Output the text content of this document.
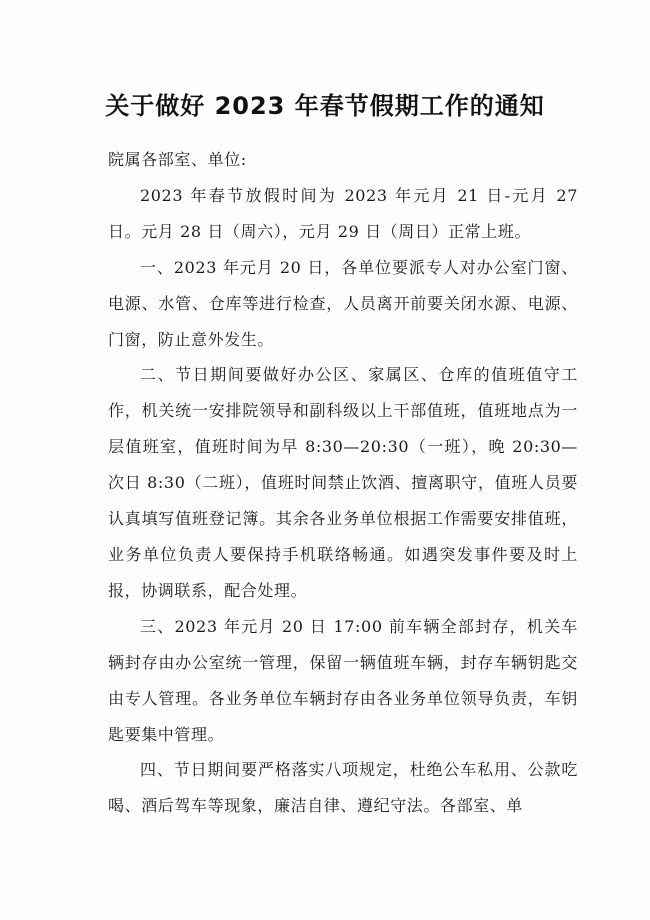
关于做好 2023 年春节假期工作的通知

院属各部室、单位:

2023 年春节放假时间为 2023 年元月 21 日-元月 27 日。元月 28 日（周六），元月 29 日（周日）正常上班。

一、2023 年元月 20 日，各单位要派专人对办公室门窗、电源、水管、仓库等进行检查，人员离开前要关闭水源、电源、门窗，防止意外发生。

二、节日期间要做好办公区、家属区、仓库的值班值守工作，机关统一安排院领导和副科级以上干部值班，值班地点为一层值班室，值班时间为早 8:30—20:30（一班），晚 20:30—次日 8:30（二班），值班时间禁止饮酒、擅离职守，值班人员要认真填写值班登记簿。其余各业务单位根据工作需要安排值班，业务单位负责人要保持手机联络畅通。如遇突发事件要及时上报，协调联系，配合处理。

三、2023 年元月 20 日 17:00 前车辆全部封存，机关车辆封存由办公室统一管理，保留一辆值班车辆，封存车辆钥匙交由专人管理。各业务单位车辆封存由各业务单位领导负责，车钥匙要集中管理。

四、节日期间要严格落实八项规定，杜绝公车私用、公款吃喝、酒后驾车等现象，廉洁自律、遵纪守法。各部室、单
